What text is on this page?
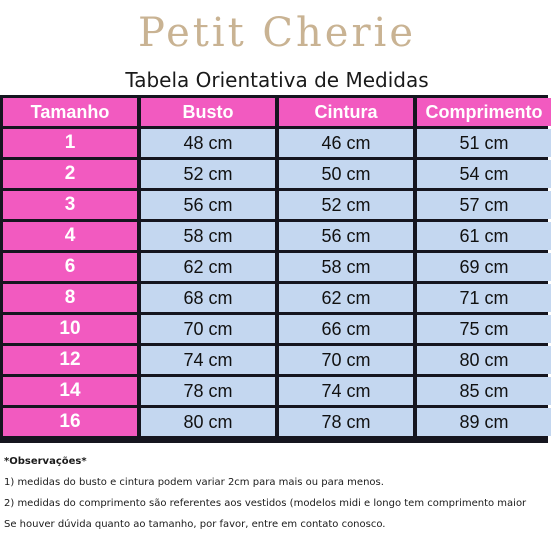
Petit Cherie
Tabela Orientativa de Medidas
Tamanho	Busto	Cintura	Comprimento
1	48 cm	46 cm	51 cm
2	52 cm	50 cm	54 cm
3	56 cm	52 cm	57 cm
4	58 cm	56 cm	61 cm
6	62 cm	58 cm	69 cm
8	68 cm	62 cm	71 cm
10	70 cm	66 cm	75 cm
12	74 cm	70 cm	80 cm
14	78 cm	74 cm	85 cm
16	80 cm	78 cm	89 cm
*Observações*
1) medidas do busto e cintura podem variar 2cm para mais ou para menos.
2) medidas do comprimento são referentes aos vestidos (modelos midi e longo tem comprimento maior
Se houver dúvida quanto ao tamanho, por favor, entre em contato conosco.
